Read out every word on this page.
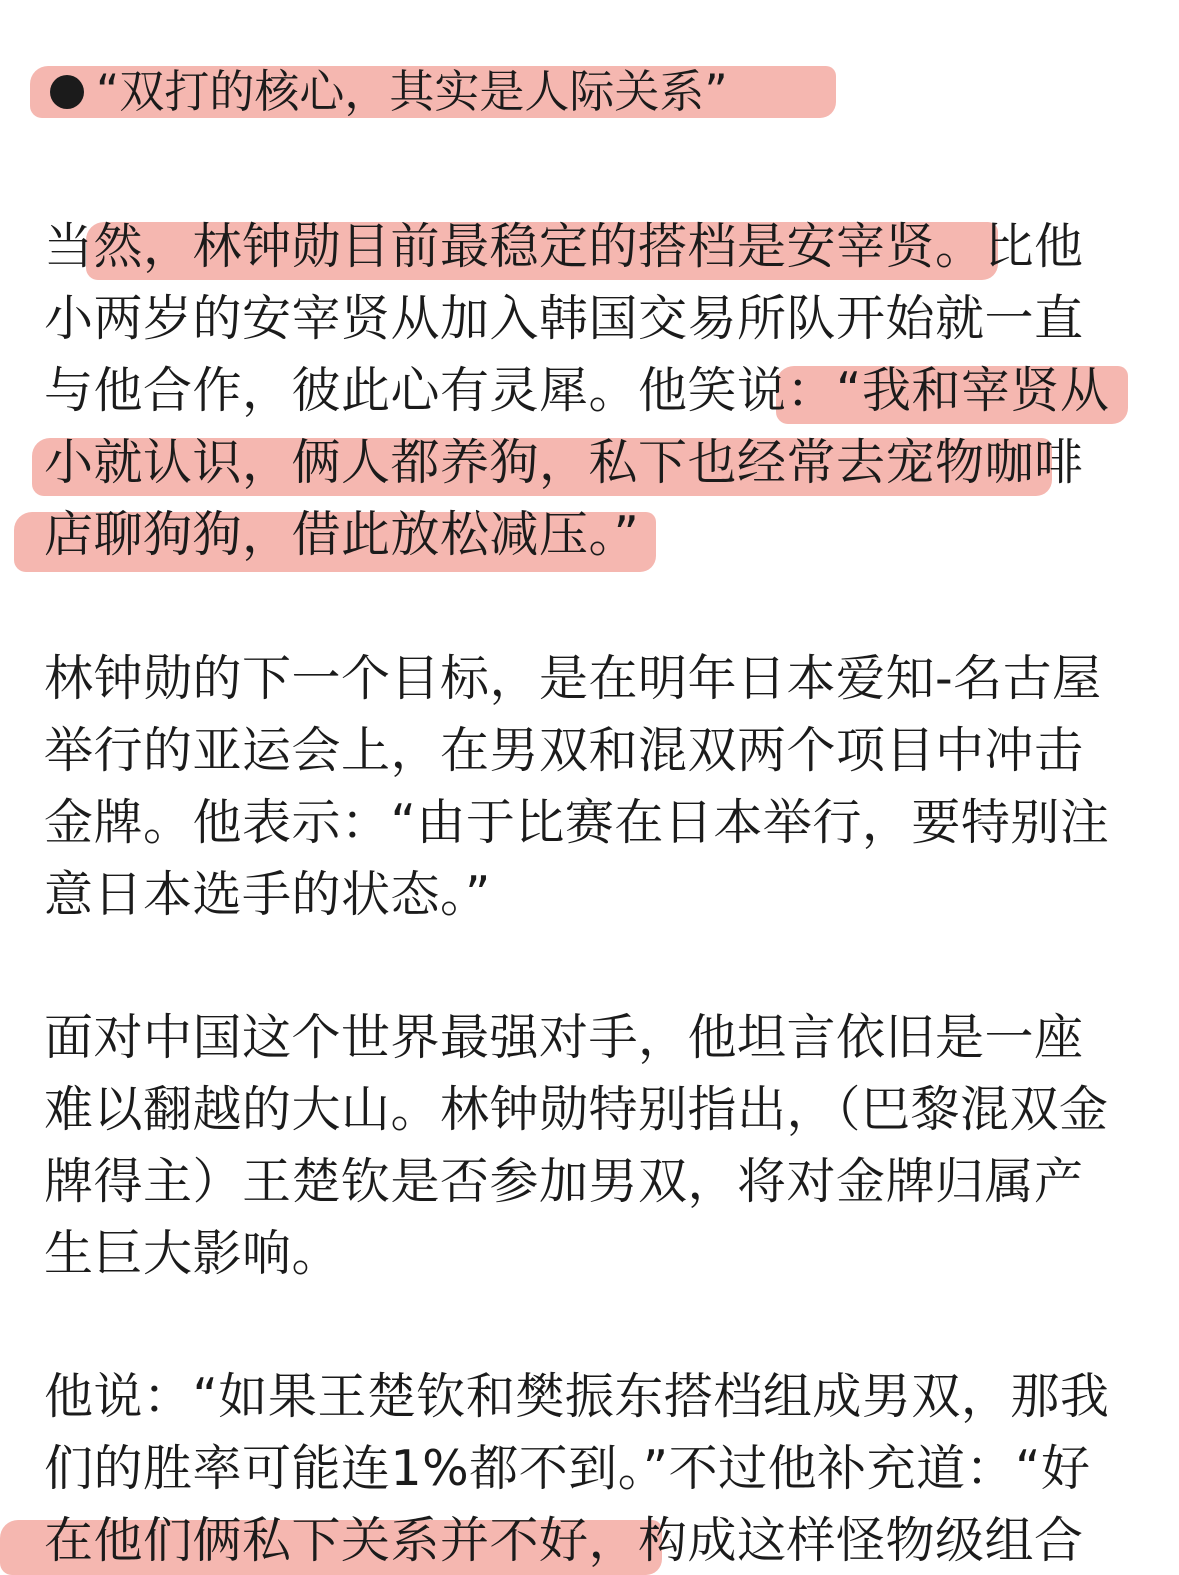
“双打的核心，其实是人际关系”
当然，林钟勋目前最稳定的搭档是安宰贤。比他
小两岁的安宰贤从加入韩国交易所队开始就一直
与他合作，彼此心有灵犀。他笑说：“我和宰贤从
小就认识，俩人都养狗，私下也经常去宠物咖啡
店聊狗狗，借此放松减压。”
林钟勋的下一个目标，是在明年日本爱知-名古屋
举行的亚运会上，在男双和混双两个项目中冲击
金牌。他表示：“由于比赛在日本举行，要特别注
意日本选手的状态。”
面对中国这个世界最强对手，他坦言依旧是一座
难以翻越的大山。林钟勋特别指出，（巴黎混双金
牌得主）王楚钦是否参加男双，将对金牌归属产
生巨大影响。
他说：“如果王楚钦和樊振东搭档组成男双，那我
们的胜率可能连1%都不到。”不过他补充道：“好
在他们俩私下关系并不好，构成这样怪物级组合
